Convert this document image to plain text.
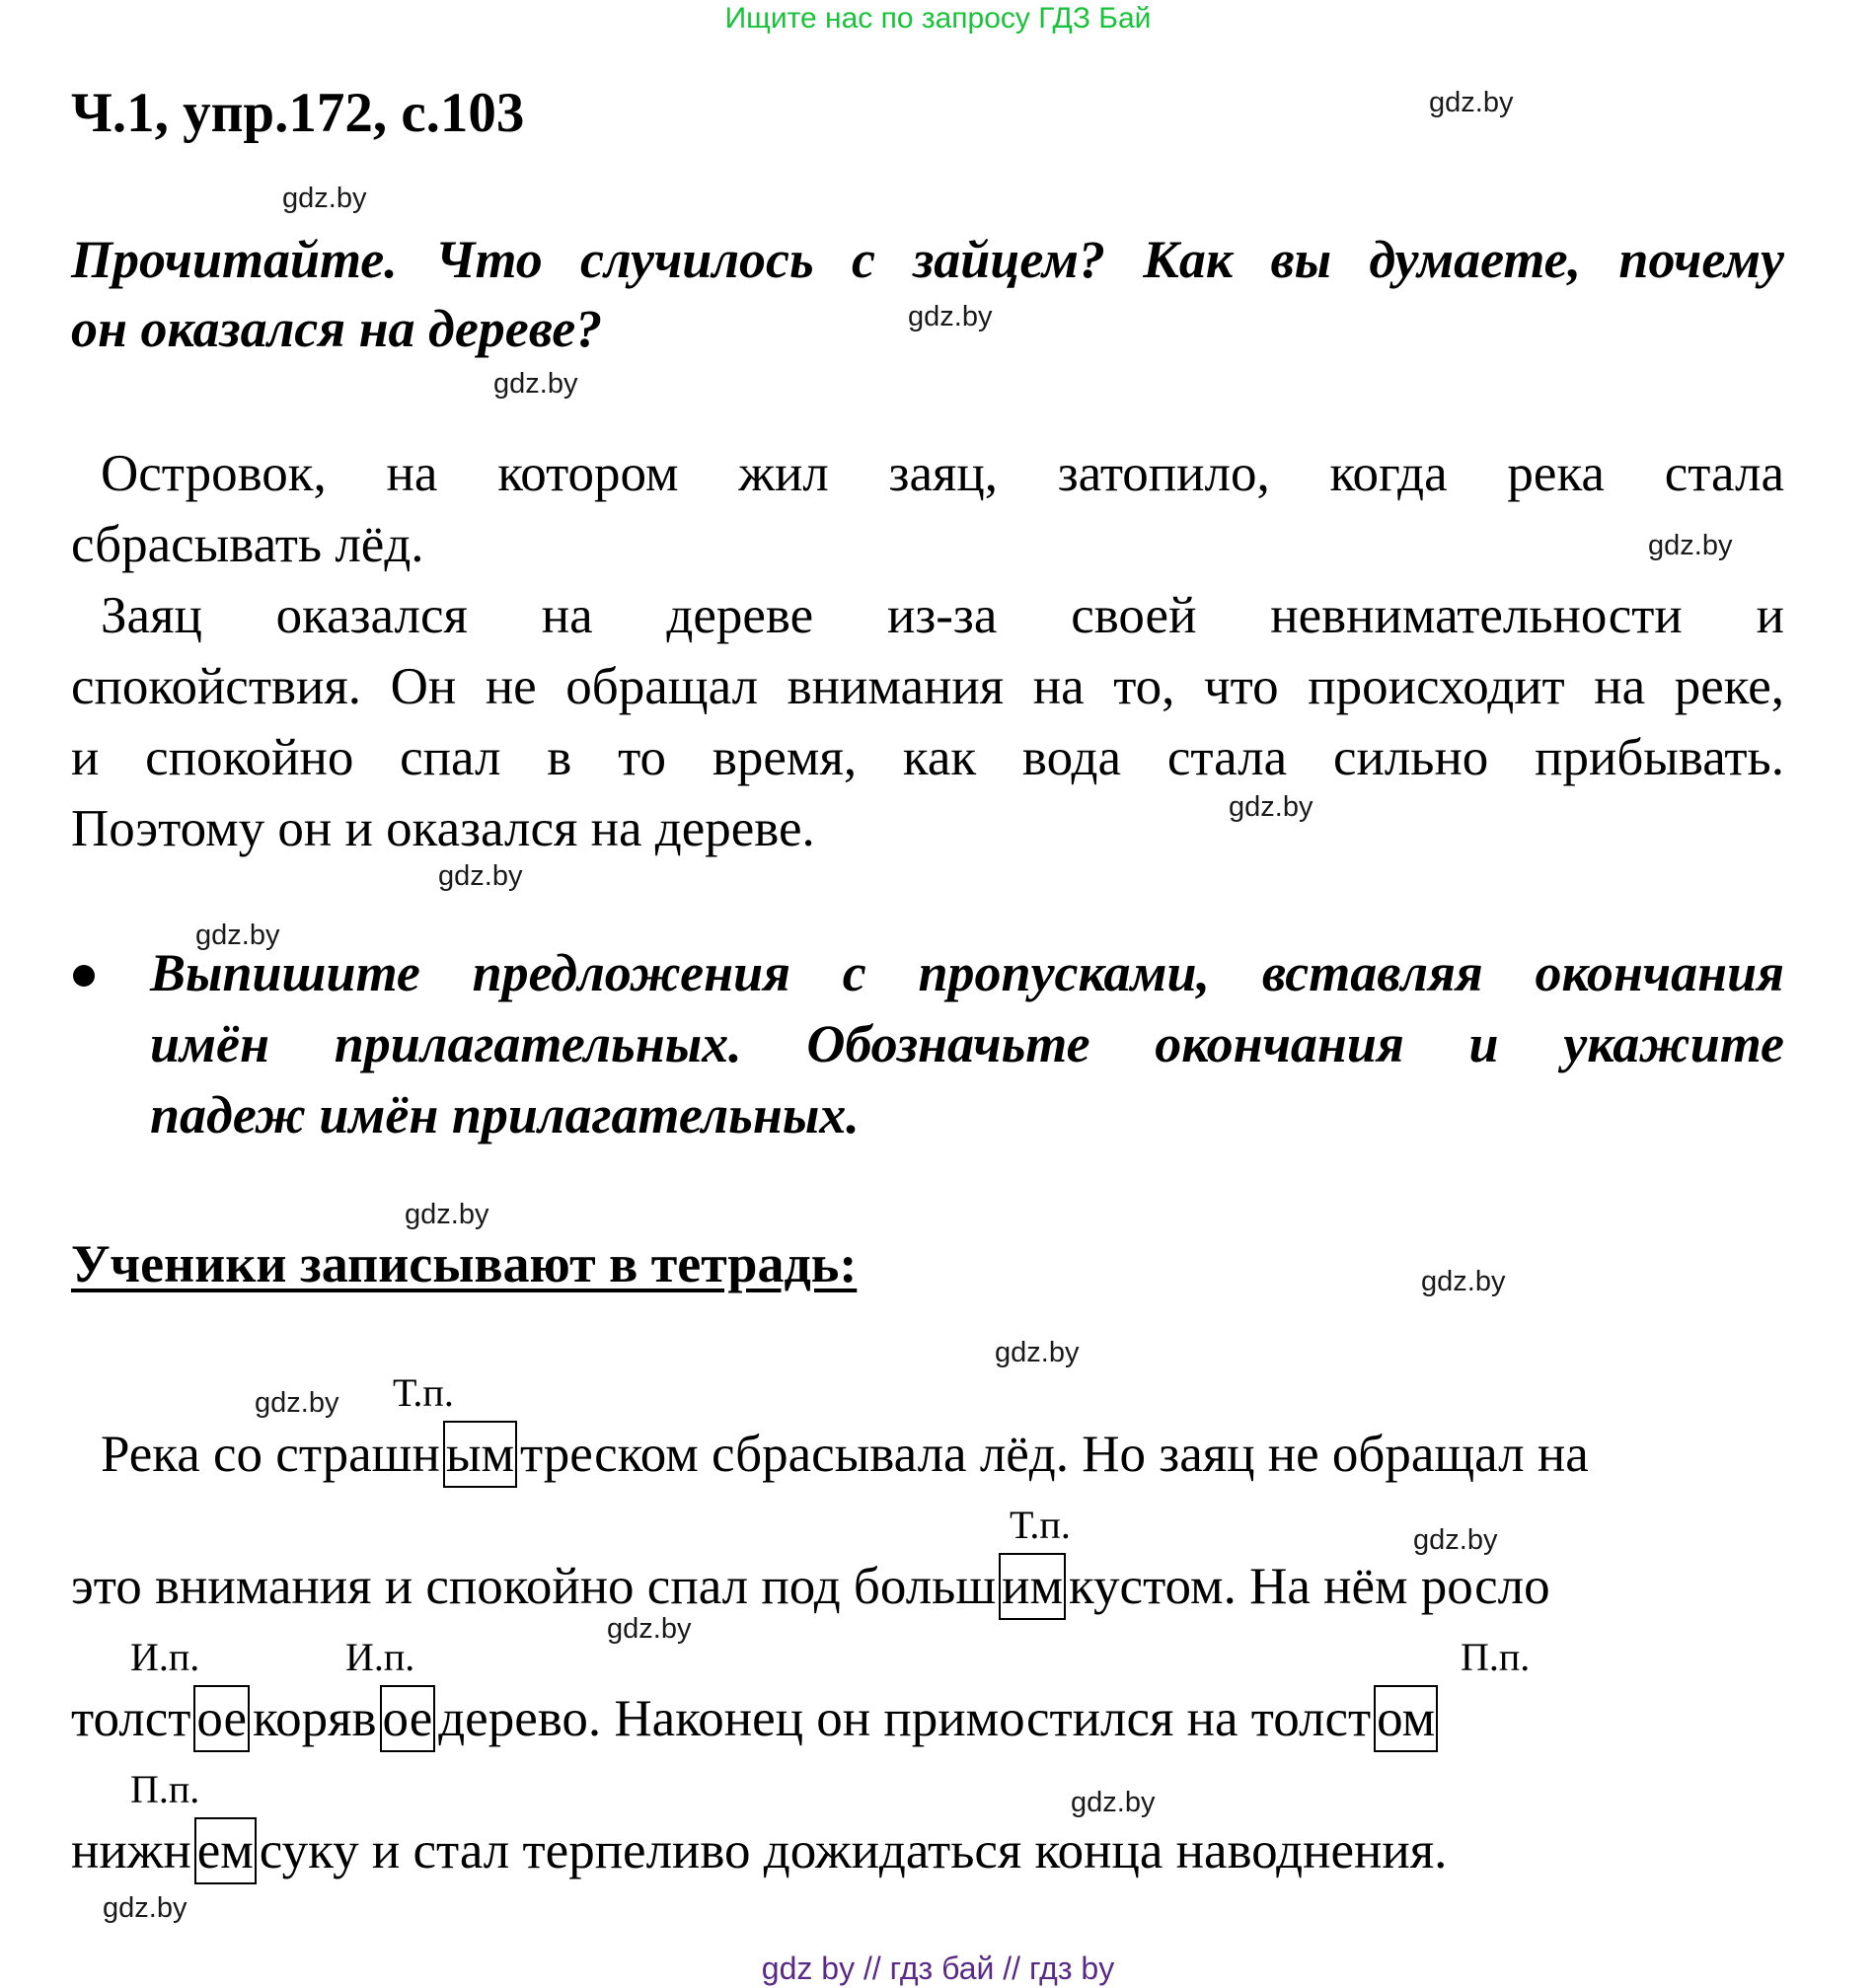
Ищите нас по запросу ГДЗ Бай
Ч.1, упр.172, с.103
Прочитайте. Что случилось с зайцем? Как вы думаете, почему
он оказался на дереве?
Островок, на котором жил заяц, затопило, когда река стала
сбрасывать лёд.
Заяц оказался на дереве из-за своей невнимательности и
спокойствия. Он не обращал внимания на то, что происходит на реке,
и спокойно спал в то время, как вода стала сильно прибывать.
Поэтому он и оказался на дереве.
Выпишите предложения с пропусками, вставляя окончания
имён прилагательных. Обозначьте окончания и укажите
падеж имён прилагательных.
Ученики записывают в тетрадь:
Т.п.
Река со страшн ым треском сбрасывала лёд. Но заяц не обращал на
Т.п.
это внимания и спокойно спал под больш им кустом. На нём росло
И.п.	И.п.	П.п.
толст ое коряв ое дерево. Наконец он примостился на толст ом
П.п.
нижн ем суку и стал терпеливо дожидаться конца наводнения.
gdz.by
gdz.by
gdz.by
gdz.by
gdz.by
gdz.by
gdz.by
gdz.by
gdz.by
gdz.by
gdz.by
gdz.by
gdz.by
gdz.by
gdz.by
gdz.by
gdz by // гдз бай // гдз by
